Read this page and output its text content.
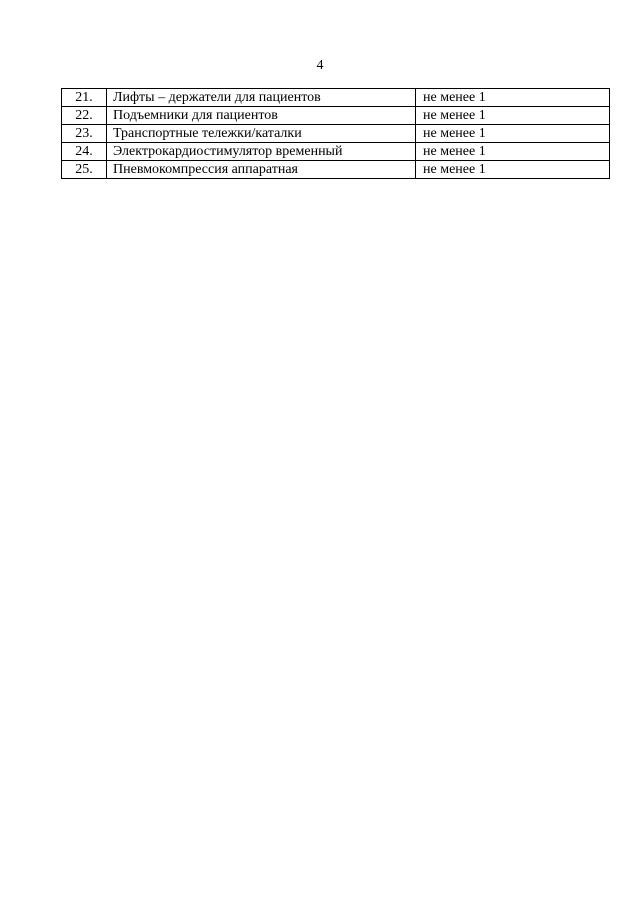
4
21.	Лифты – держатели для пациентов	не менее 1
22.	Подъемники для пациентов	не менее 1
23.	Транспортные тележки/каталки	не менее 1
24.	Электрокардиостимулятор временный	не менее 1
25.	Пневмокомпрессия аппаратная	не менее 1
